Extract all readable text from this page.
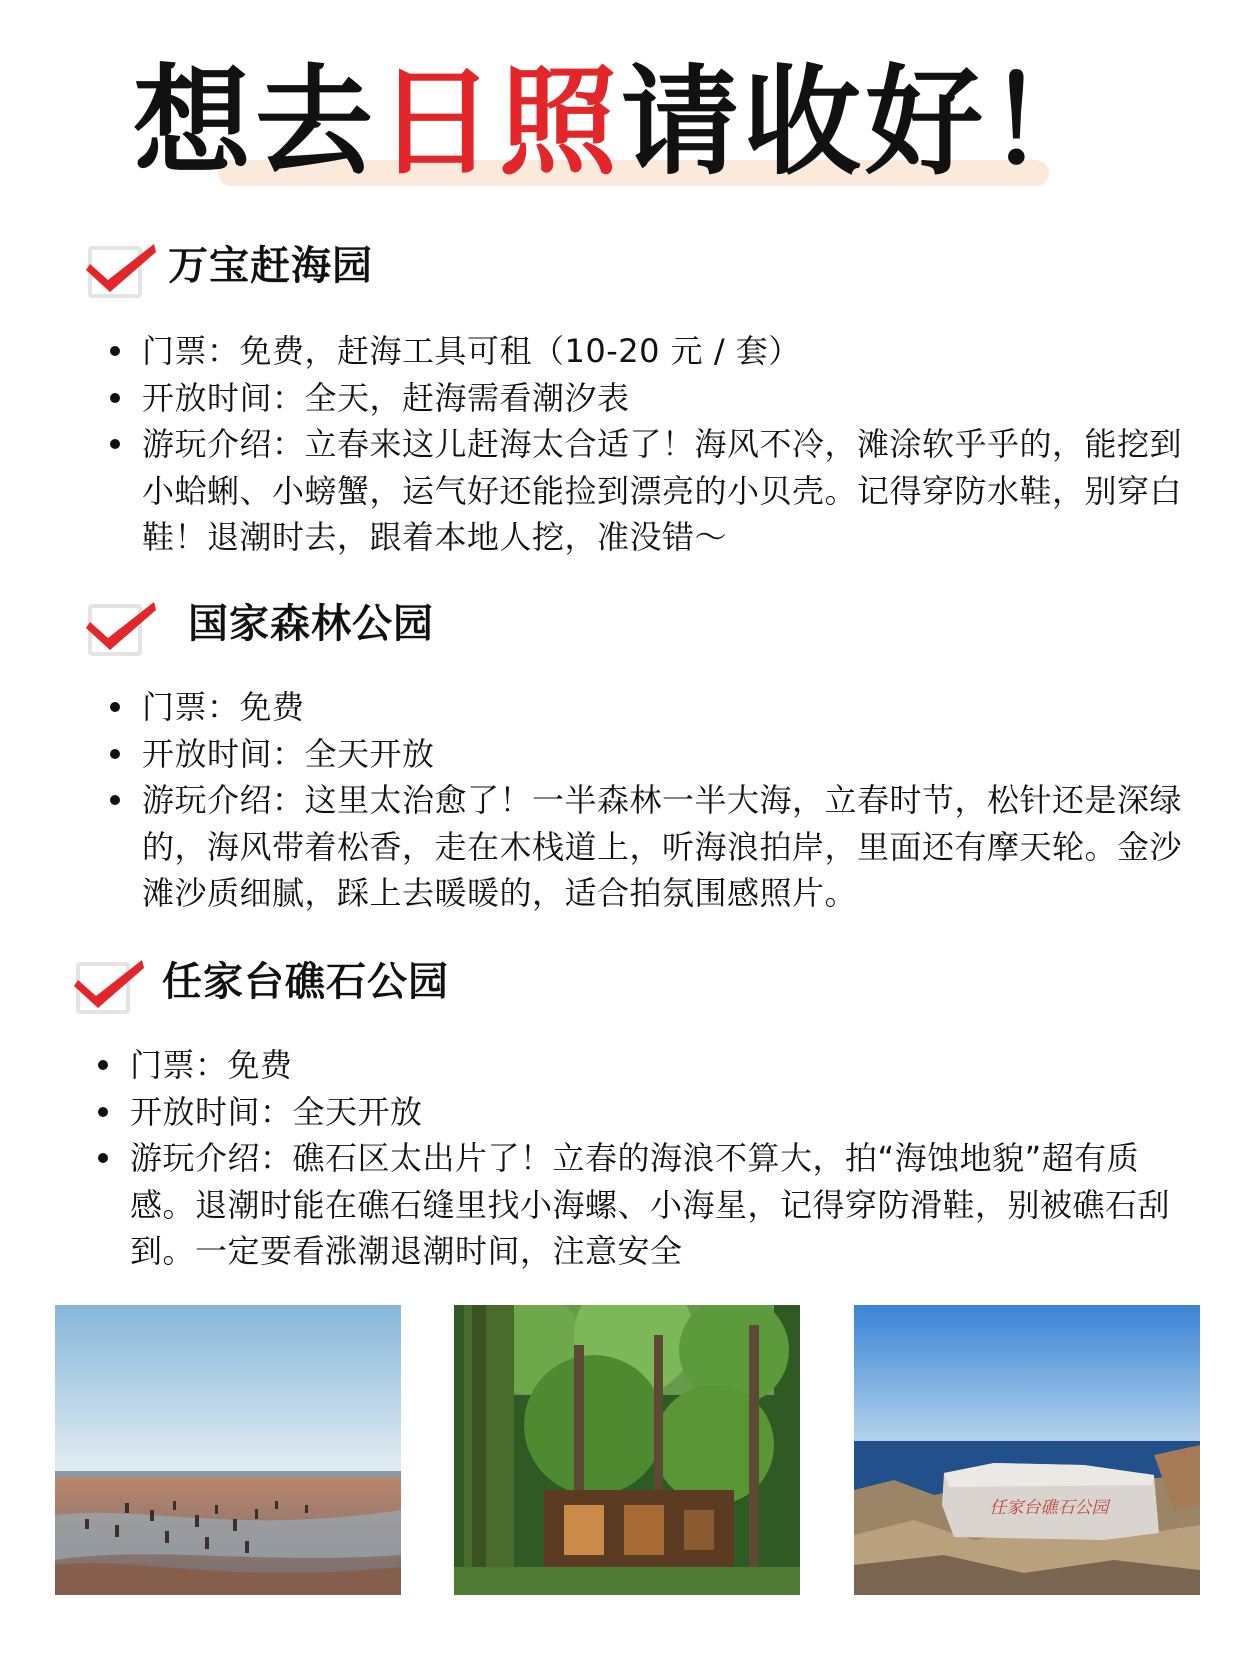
想去日照请收好！
万宝赶海园
门票：免费，赶海工具可租（10-20 元 / 套）
开放时间：全天，赶海需看潮汐表
游玩介绍：立春来这儿赶海太合适了！海风不冷，滩涂软乎乎的，能挖到小蛤蜊、小螃蟹，运气好还能捡到漂亮的小贝壳。记得穿防水鞋，别穿白鞋！退潮时去，跟着本地人挖，准没错～
国家森林公园
门票：免费
开放时间：全天开放
游玩介绍：这里太治愈了！一半森林一半大海，立春时节，松针还是深绿的，海风带着松香，走在木栈道上，听海浪拍岸，里面还有摩天轮。金沙滩沙质细腻，踩上去暖暖的，适合拍氛围感照片。
任家台礁石公园
门票：免费
开放时间：全天开放
游玩介绍：礁石区太出片了！立春的海浪不算大，拍“海蚀地貌”超有质感。退潮时能在礁石缝里找小海螺、小海星，记得穿防滑鞋，别被礁石刮到。一定要看涨潮退潮时间，注意安全
任家台礁石公园
